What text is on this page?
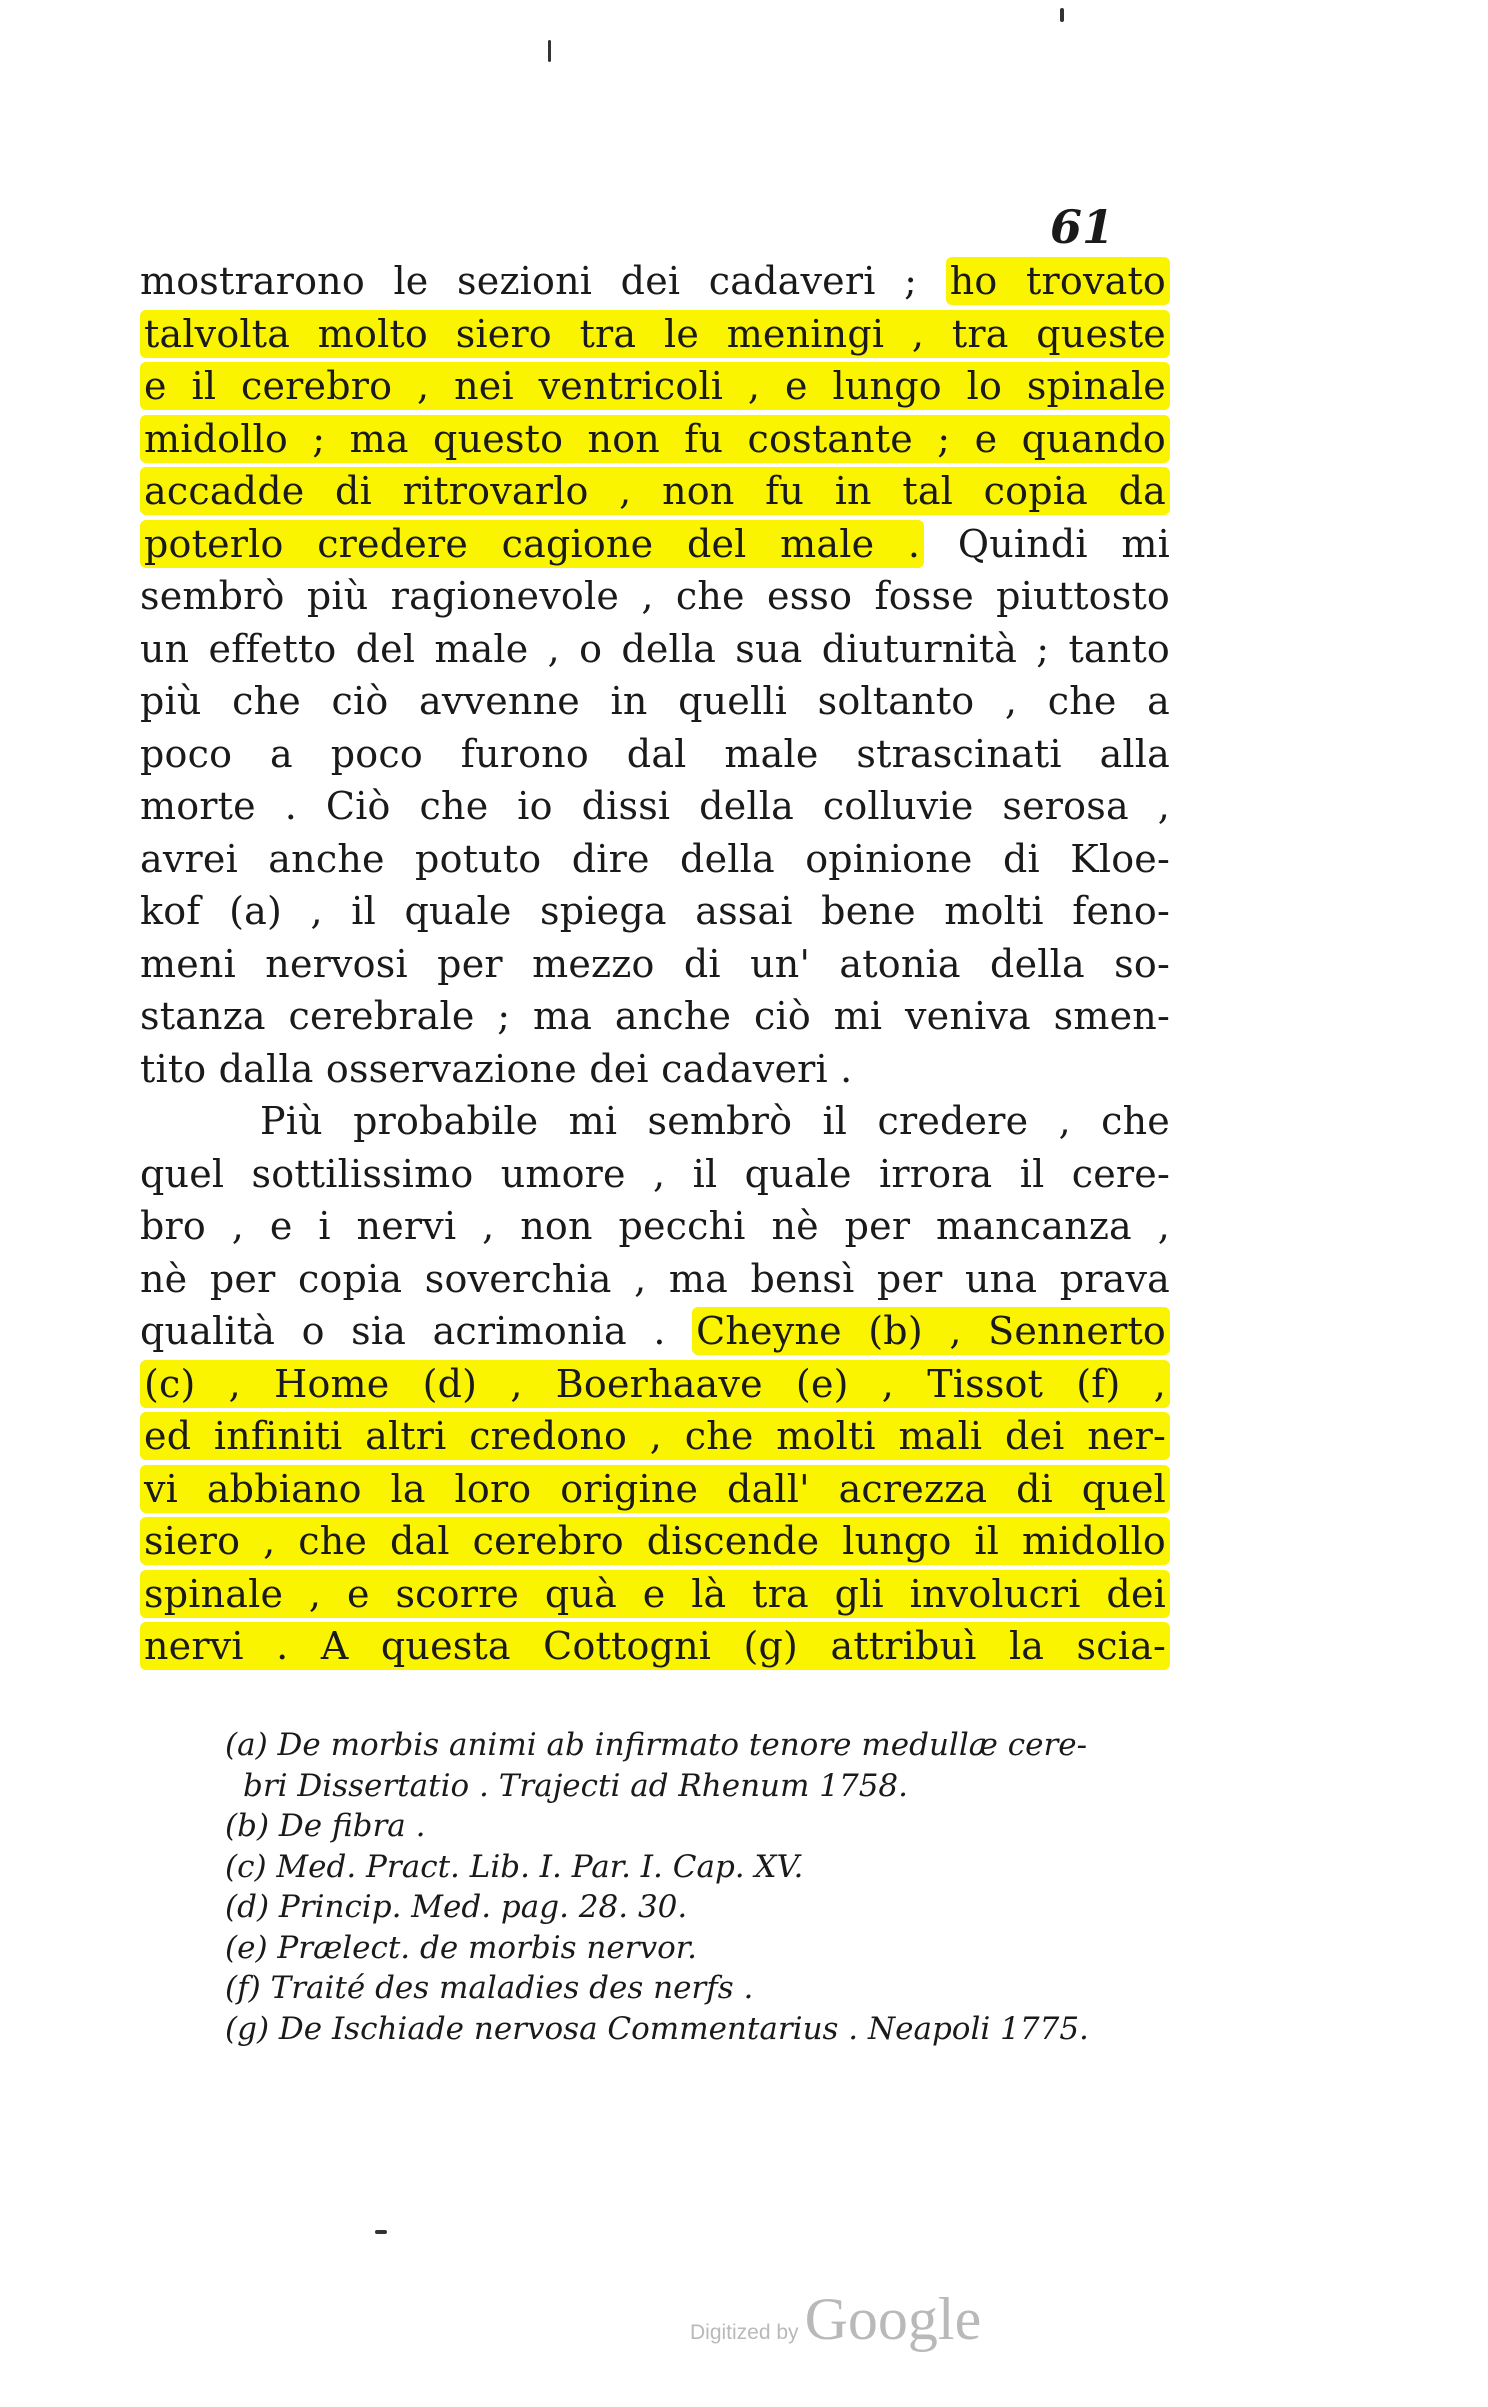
61
mostrarono le sezioni dei cadaveri ; ho trovato
talvolta molto siero tra le meningi , tra queste
e il cerebro , nei ventricoli , e lungo lo spinale
midollo ; ma questo non fu costante ; e quando
accadde di ritrovarlo , non fu in tal copia da
poterlo credere cagione del male . Quindi mi
sembrò più ragionevole , che esso fosse piuttosto
un effetto del male , o della sua diuturnità ; tanto
più che ciò avvenne in quelli soltanto , che a
poco a poco furono dal male strascinati alla
morte . Ciò che io dissi della colluvie serosa ,
avrei anche potuto dire della opinione di Kloe-
kof (a) , il quale spiega assai bene molti feno-
meni nervosi per mezzo di un' atonia della so-
stanza cerebrale ; ma anche ciò mi veniva smen-
tito dalla osservazione dei cadaveri .
Più probabile mi sembrò il credere , che
quel sottilissimo umore , il quale irrora il cere-
bro , e i nervi , non pecchi nè per mancanza ,
nè per copia soverchia , ma bensì per una prava
qualità o sia acrimonia . Cheyne (b) , Sennerto
(c) , Home (d) , Boerhaave (e) , Tissot (f) ,
ed infiniti altri credono , che molti mali dei ner-
vi abbiano la loro origine dall' acrezza di quel
siero , che dal cerebro discende lungo il midollo
spinale , e scorre quà e là tra gli involucri dei
nervi . A questa Cottogni (g) attribuì la scia-
(a) De morbis animi ab infirmato tenore medullæ cere-
bri Dissertatio . Trajecti ad Rhenum 1758.
(b) De fibra .
(c) Med. Pract. Lib. I. Par. I. Cap. XV.
(d) Princip. Med. pag. 28. 30.
(e) Prælect. de morbis nervor.
(f) Traité des maladies des nerfs .
(g) De Ischiade nervosa Commentarius . Neapoli 1775.
Digitized by Google
